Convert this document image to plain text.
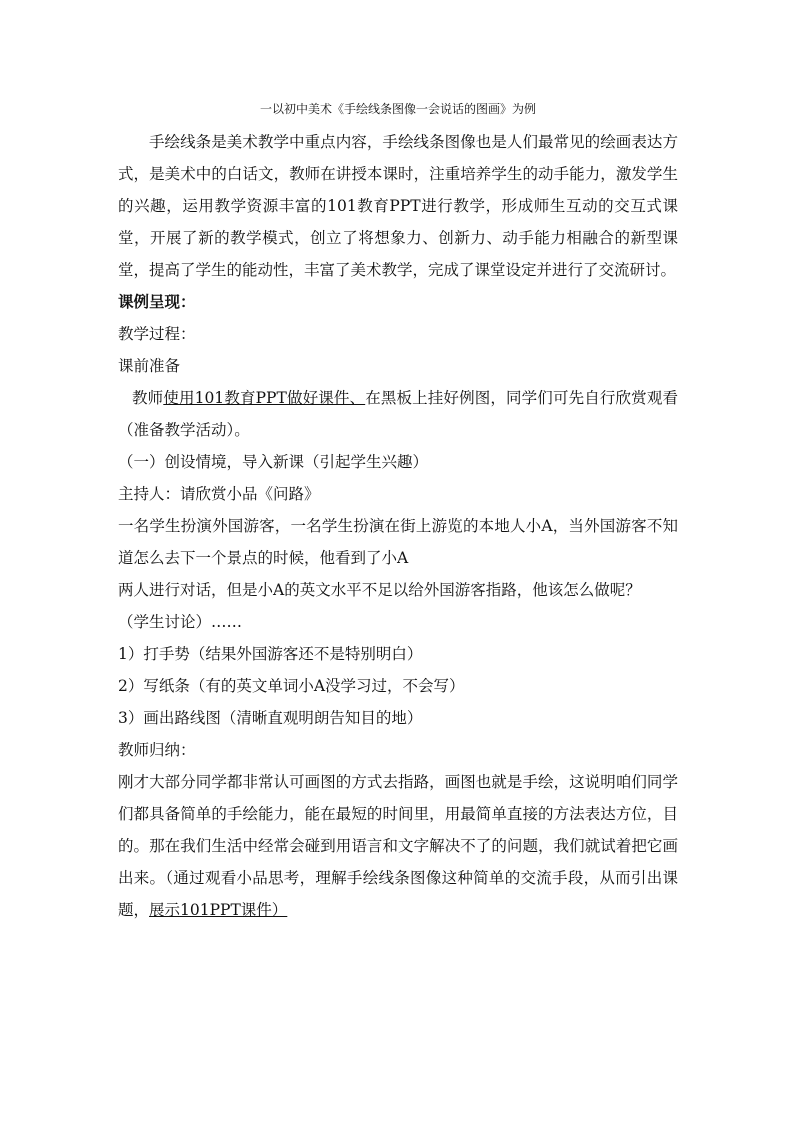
一以初中美术《手绘线条图像一会说话的图画》为例

手绘线条是美术教学中重点内容，手绘线条图像也是人们最常见的绘画表达方式，是美术中的白话文，教师在讲授本课时，注重培养学生的动手能力，激发学生的兴趣，运用教学资源丰富的101教育PPT进行教学，形成师生互动的交互式课堂，开展了新的教学模式，创立了将想象力、创新力、动手能力相融合的新型课堂，提高了学生的能动性，丰富了美术教学，完成了课堂设定并进行了交流研讨。

课例呈现：

教学过程：

课前准备

教师使用101教育PPT做好课件、在黑板上挂好例图，同学们可先自行欣赏观看（准备教学活动）。

（一）创设情境，导入新课（引起学生兴趣）

主持人：请欣赏小品《问路》

一名学生扮演外国游客，一名学生扮演在街上游览的本地人小A，当外国游客不知道怎么去下一个景点的时候，他看到了小A

两人进行对话，但是小A的英文水平不足以给外国游客指路，他该怎么做呢？

（学生讨论）……

1）打手势（结果外国游客还不是特别明白）

2）写纸条（有的英文单词小A没学习过，不会写）

3）画出路线图（清晰直观明朗告知目的地）

教师归纳：

刚才大部分同学都非常认可画图的方式去指路，画图也就是手绘，这说明咱们同学们都具备简单的手绘能力，能在最短的时间里，用最简单直接的方法表达方位，目的。那在我们生活中经常会碰到用语言和文字解决不了的问题，我们就试着把它画出来。（通过观看小品思考，理解手绘线条图像这种简单的交流手段，从而引出课题，展示101PPT课件）
